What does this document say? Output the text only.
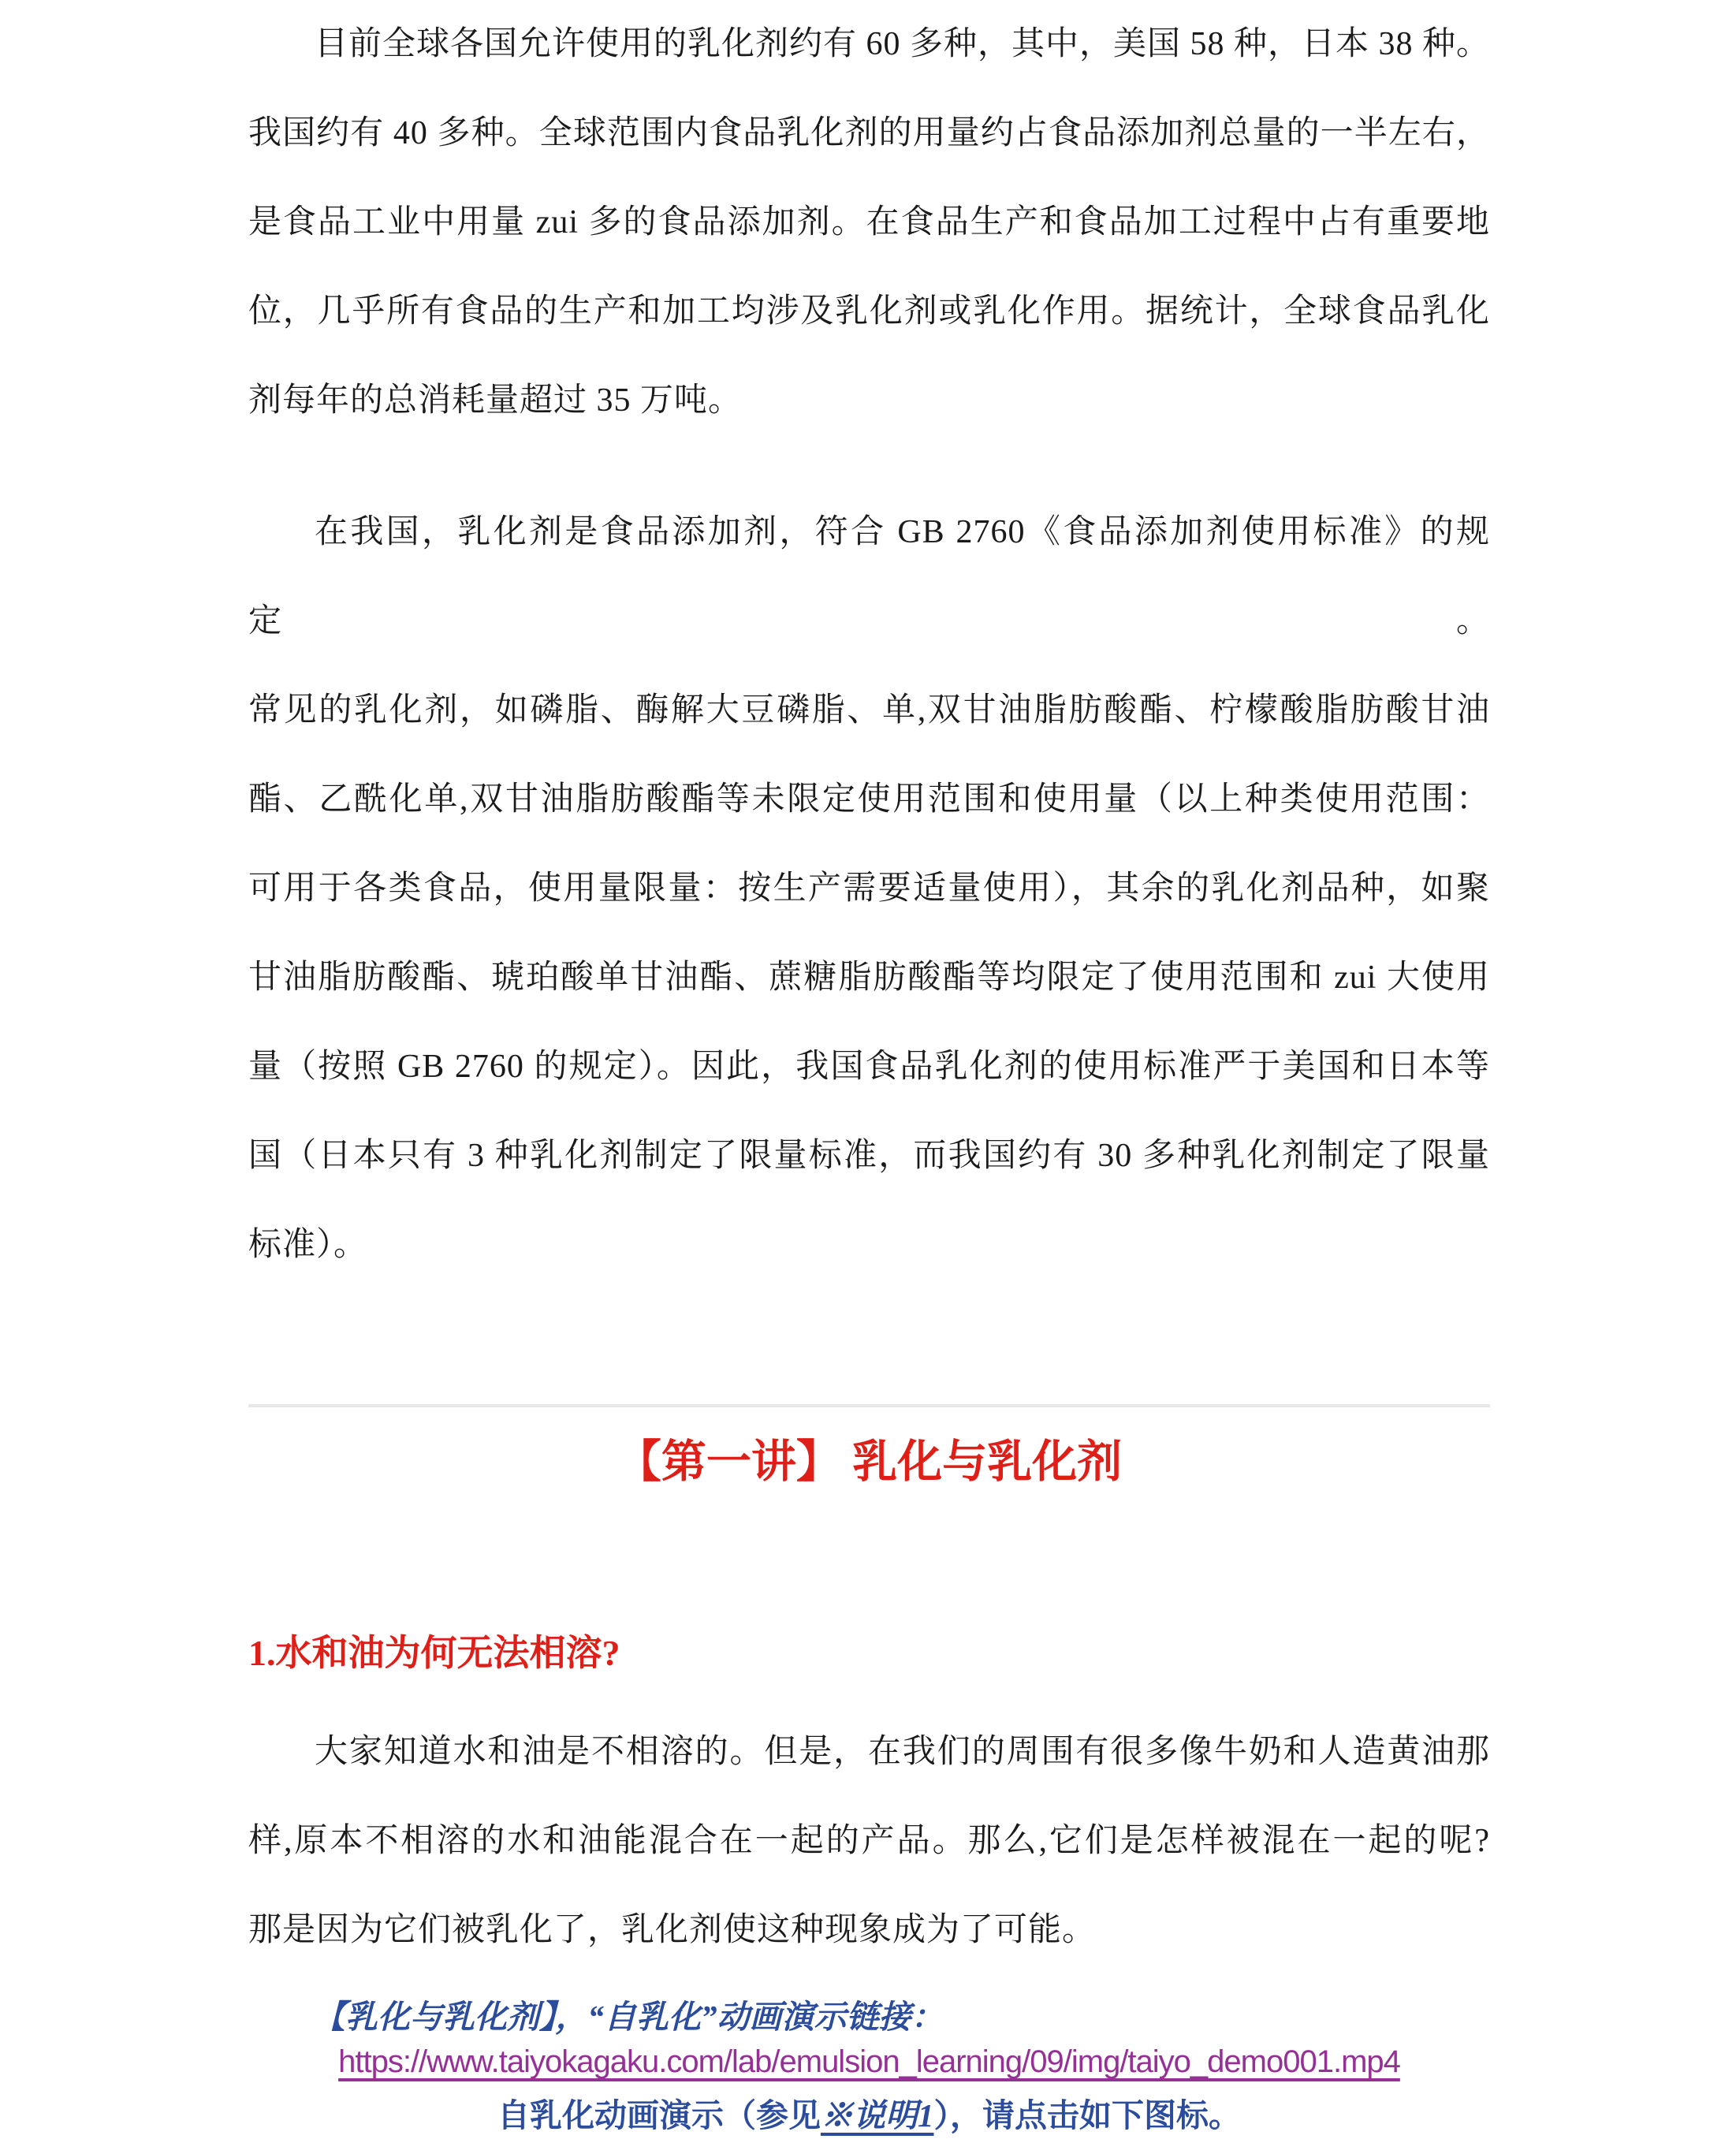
目前全球各国允许使用的乳化剂约有 60 多种，其中，美国 58 种，日本 38 种。
我国约有 40 多种。全球范围内食品乳化剂的用量约占食品添加剂总量的一半左右，
是食品工业中用量 zui 多的食品添加剂。在食品生产和食品加工过程中占有重要地
位，几乎所有食品的生产和加工均涉及乳化剂或乳化作用。据统计，全球食品乳化
剂每年的总消耗量超过 35 万吨。
在我国，乳化剂是食品添加剂，符合 GB 2760《食品添加剂使用标准》的规定。
常见的乳化剂，如磷脂、酶解大豆磷脂、单,双甘油脂肪酸酯、柠檬酸脂肪酸甘油
酯、乙酰化单,双甘油脂肪酸酯等未限定使用范围和使用量（以上种类使用范围：
可用于各类食品，使用量限量：按生产需要适量使用），其余的乳化剂品种，如聚
甘油脂肪酸酯、琥珀酸单甘油酯、蔗糖脂肪酸酯等均限定了使用范围和 zui 大使用
量（按照 GB 2760 的规定）。因此，我国食品乳化剂的使用标准严于美国和日本等
国（日本只有 3 种乳化剂制定了限量标准，而我国约有 30 多种乳化剂制定了限量
标准）。
【第一讲】 乳化与乳化剂
1.水和油为何无法相溶?
大家知道水和油是不相溶的。但是，在我们的周围有很多像牛奶和人造黄油那
样,原本不相溶的水和油能混合在一起的产品。那么,它们是怎样被混在一起的呢?
那是因为它们被乳化了，乳化剂使这种现象成为了可能。
【乳化与乳化剂】，“自乳化”动画演示链接：
https://www.taiyokagaku.com/lab/emulsion_learning/09/img/taiyo_demo001.mp4
自乳化动画演示（参见※说明1），请点击如下图标。
